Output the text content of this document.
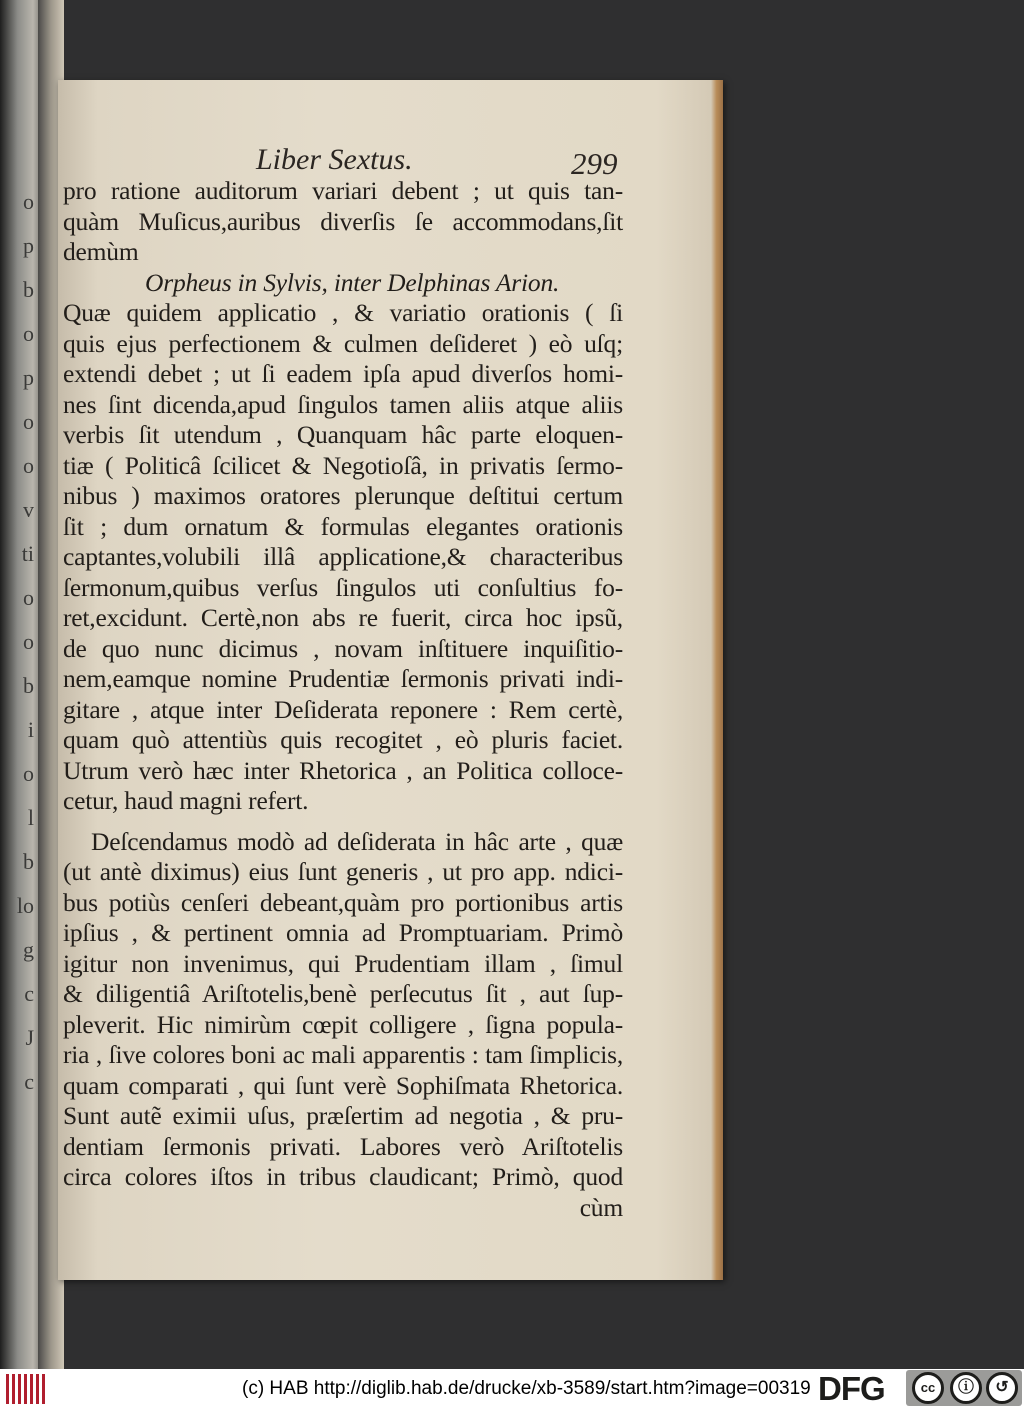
o
p
b
o
p
o
o
v
ti
o
o
b
i
o
l
b
lo
g
c
J
c
Liber Sextus.	299
pro ratione auditorum variari debent ; ut quis tan-
quàm Muſicus,auribus diverſis ſe accommodans,ſit
demùm
Orpheus in Sylvis, inter Delphinas Arion.
Quæ quidem applicatio , & variatio orationis ( ſi
quis ejus perfectionem & culmen deſideret ) eò uſq;
extendi debet ; ut ſi eadem ipſa apud diverſos homi-
nes ſint dicenda,apud ſingulos tamen aliis atque aliis
verbis ſit utendum , Quanquam hâc parte eloquen-
tiæ ( Politicâ ſcilicet & Negotioſâ, in privatis ſermo-
nibus ) maximos oratores plerunque deſtitui certum
ſit ; dum ornatum & formulas elegantes orationis
captantes,volubili illâ applicatione,& characteribus
ſermonum,quibus verſus ſingulos uti conſultius fo-
ret,excidunt. Certè,non abs re fuerit, circa hoc ipsũ,
de quo nunc dicimus , novam inſtituere inquiſitio-
nem,eamque nomine Prudentiæ ſermonis privati indi-
gitare , atque inter Deſiderata reponere : Rem certè,
quam quò attentiùs quis recogitet , eò pluris faciet.
Utrum verò hæc inter Rhetorica , an Politica colloce-
cetur, haud magni refert.
Deſcendamus modò ad deſiderata in hâc arte , quæ
(ut antè diximus) eius ſunt generis , ut pro app. ndici-
bus potiùs cenſeri debeant,quàm pro portionibus artis
ipſius , & pertinent omnia ad Promptuariam. Primò
igitur non invenimus, qui Prudentiam illam , ſimul
& diligentiâ Ariſtotelis,benè perſecutus ſit , aut ſup-
pleverit. Hic nimirùm cœpit colligere , ſigna popula-
ria , ſive colores boni ac mali apparentis : tam ſimplicis,
quam comparati , qui ſunt verè Sophiſmata Rhetorica.
Sunt autẽ eximii uſus, præſertim ad negotia , & pru-
dentiam ſermonis privati. Labores verò Ariſtotelis
circa colores iſtos in tribus claudicant; Primò, quod
cùm
(c) HAB http://diglib.hab.de/drucke/xb-3589/start.htm?image=00319 DFG	cc	ⓘ	↺
